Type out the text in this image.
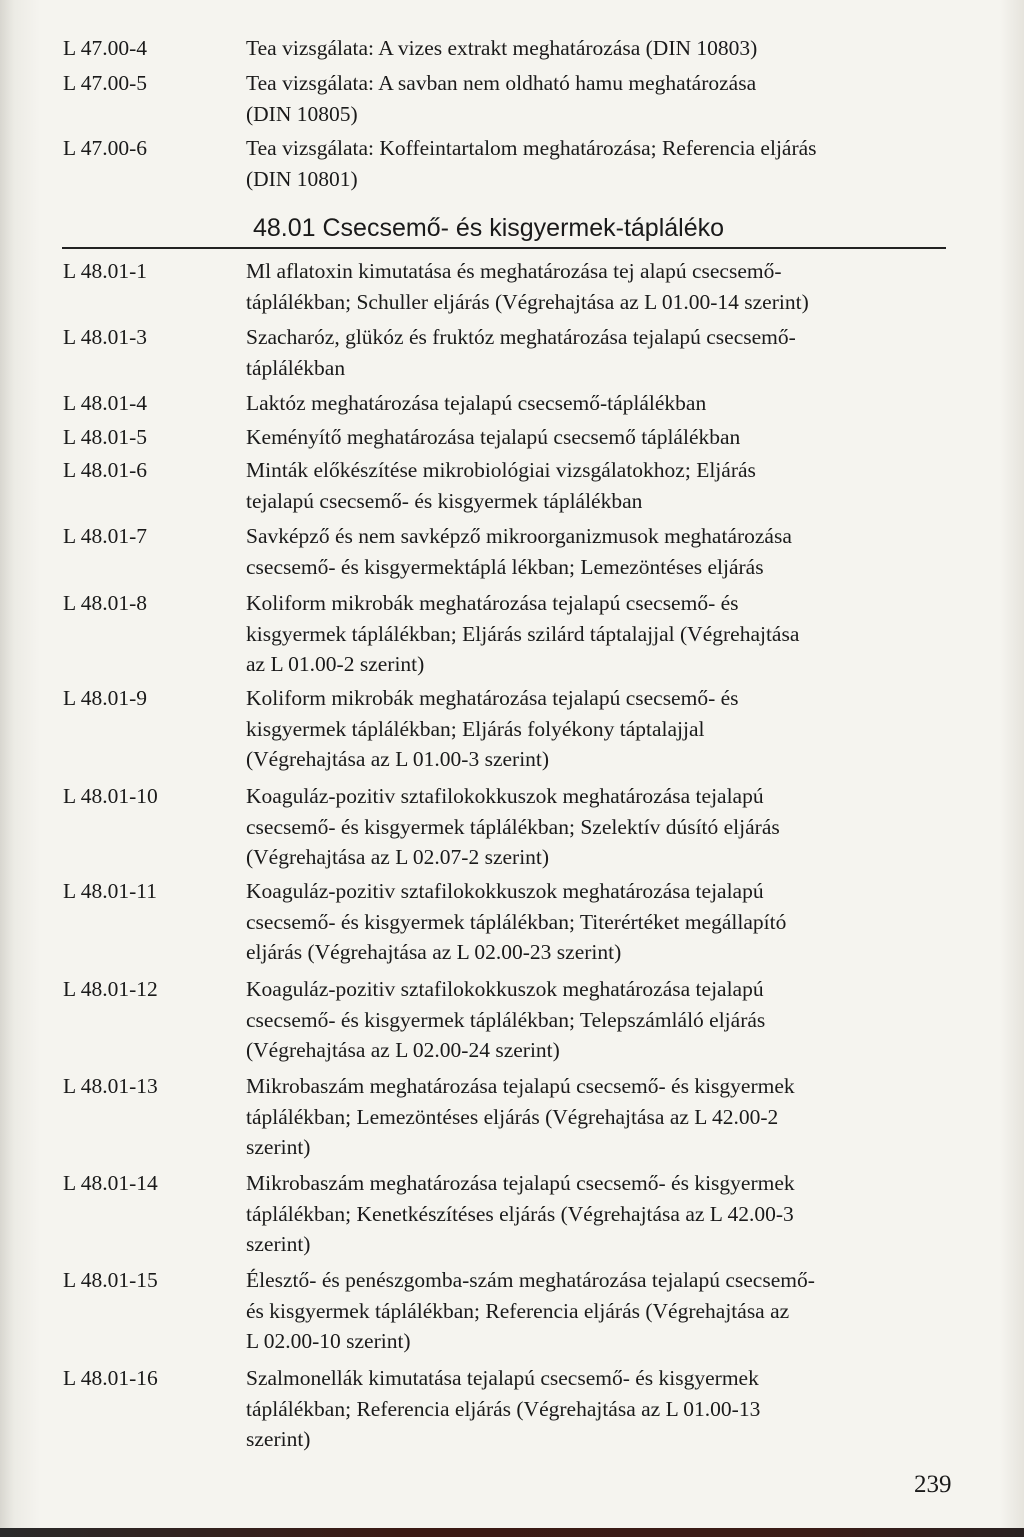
L 47.00-4	Tea vizsgálata: A vizes extrakt meghatározása (DIN 10803)
L 47.00-5	Tea vizsgálata: A savban nem oldható hamu meghatározása
(DIN 10805)
L 47.00-6	Tea vizsgálata: Koffeintartalom meghatározása; Referencia eljárás
(DIN 10801)
48.01 Csecsemő- és kisgyermek-tápláléko
L 48.01-1	Ml aflatoxin kimutatása és meghatározása tej alapú csecsemő-
táplálékban; Schuller eljárás (Végrehajtása az L 01.00-14 szerint)
L 48.01-3	Szacharóz, glükóz és fruktóz meghatározása tejalapú csecsemő-
táplálékban
L 48.01-4	Laktóz meghatározása tejalapú csecsemő-táplálékban
L 48.01-5	Keményítő meghatározása tejalapú csecsemő táplálékban
L 48.01-6	Minták előkészítése mikrobiológiai vizsgálatokhoz; Eljárás
tejalapú csecsemő- és kisgyermek táplálékban
L 48.01-7	Savképző és nem savképző mikroorganizmusok meghatározása
csecsemő- és kisgyermektáplá lékban; Lemezöntéses eljárás
L 48.01-8	Koliform mikrobák meghatározása tejalapú csecsemő- és
kisgyermek táplálékban; Eljárás szilárd táptalajjal (Végrehajtása
az L 01.00-2 szerint)
L 48.01-9	Koliform mikrobák meghatározása tejalapú csecsemő- és
kisgyermek táplálékban; Eljárás folyékony táptalajjal
(Végrehajtása az L 01.00-3 szerint)
L 48.01-10	Koaguláz-pozitiv sztafilokokkuszok meghatározása tejalapú
csecsemő- és kisgyermek táplálékban; Szelektív dúsító eljárás
(Végrehajtása az L 02.07-2 szerint)
L 48.01-11	Koaguláz-pozitiv sztafilokokkuszok meghatározása tejalapú
csecsemő- és kisgyermek táplálékban; Titerértéket megállapító
eljárás (Végrehajtása az L 02.00-23 szerint)
L 48.01-12	Koaguláz-pozitiv sztafilokokkuszok meghatározása tejalapú
csecsemő- és kisgyermek táplálékban; Telepszámláló eljárás
(Végrehajtása az L 02.00-24 szerint)
L 48.01-13	Mikrobaszám meghatározása tejalapú csecsemő- és kisgyermek
táplálékban; Lemezöntéses eljárás (Végrehajtása az L 42.00-2
szerint)
L 48.01-14	Mikrobaszám meghatározása tejalapú csecsemő- és kisgyermek
táplálékban; Kenetkészítéses eljárás (Végrehajtása az L 42.00-3
szerint)
L 48.01-15	Élesztő- és penészgomba-szám meghatározása tejalapú csecsemő-
és kisgyermek táplálékban; Referencia eljárás (Végrehajtása az
L 02.00-10 szerint)
L 48.01-16	Szalmonellák kimutatása tejalapú csecsemő- és kisgyermek
táplálékban; Referencia eljárás (Végrehajtása az L 01.00-13
szerint)
239
